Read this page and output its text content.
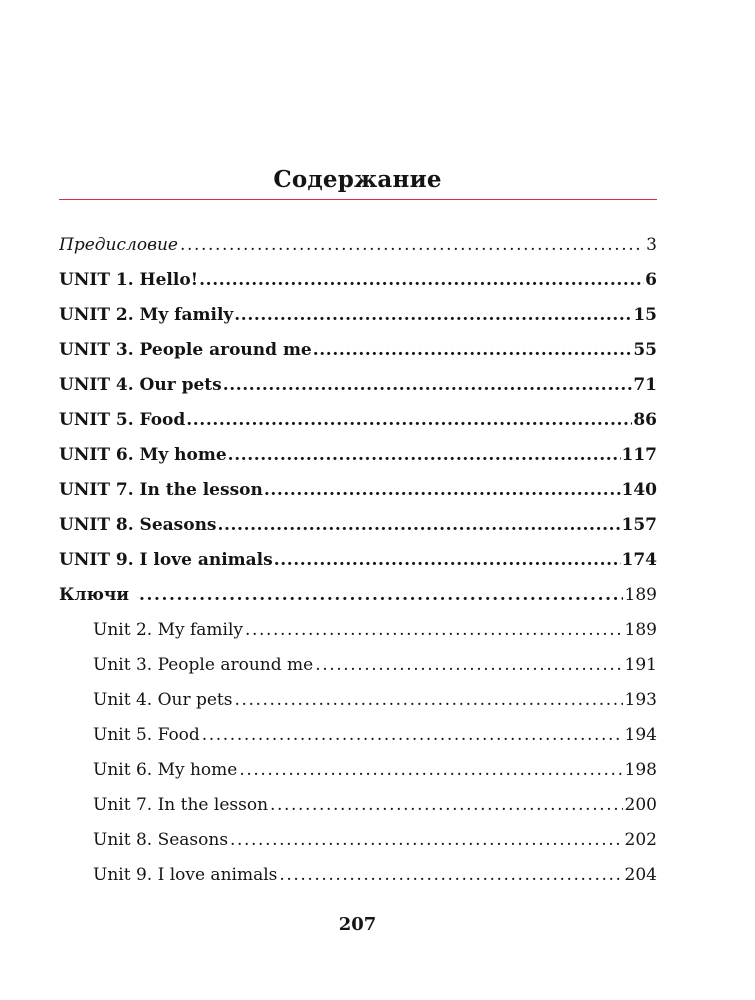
Содержание
Предисловие .....	3
UNIT 1. Hello! .....	6
UNIT 2. My family .....	15
UNIT 3. People around me .....	55
UNIT 4. Our pets .....	71
UNIT 5. Food .....	86
UNIT 6. My home .....	117
UNIT 7. In the lesson .....	140
UNIT 8. Seasons .....	157
UNIT 9. I love animals .....	174
Ключи .....	189
Unit 2. My family .....	189
Unit 3. People around me .....	191
Unit 4. Our pets .....	193
Unit 5. Food .....	194
Unit 6. My home .....	198
Unit 7. In the lesson .....	200
Unit 8. Seasons .....	202
Unit 9. I love animals .....	204
207
